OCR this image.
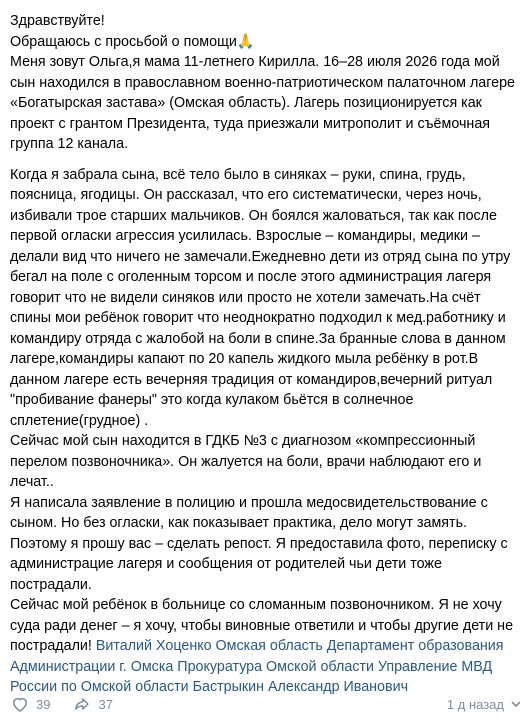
Здравствуйте!

Обращаюсь с просьбой о помощи🙏

Меня зовут Ольга,я мама 11-летнего Кирилла. 16–28 июля 2026 года мой сын находился в православном военно-патриотическом палаточном лагере «Богатырская застава» (Омская область). Лагерь позиционируется как проект с грантом Президента, туда приезжали митрополит и съёмочная группа 12 канала.

Когда я забрала сына, всё тело было в синяках – руки, спина, грудь, поясница, ягодицы. Он рассказал, что его систематически, через ночь, избивали трое старших мальчиков. Он боялся жаловаться, так как после первой огласки агрессия усилилась. Взрослые – командиры, медики – делали вид что ничего не замечали.Ежедневно дети из отряд сына по утру бегал на поле с оголенным торсом и после этого администрация лагеря говорит что не видели синяков или просто не хотели замечать.На счёт спины мои ребёнок говорит что неоднократно подходил к мед.работнику и командиру отряда с жалобой на боли в спине.За бранные слова в данном лагере,командиры капают по 20 капель жидкого мыла ребёнку в рот.В данном лагере есть вечерняя традиция от командиров,вечерний ритуал "пробивание фанеры" это когда кулаком бьётся в солнечное сплетение(грудное) .

Сейчас мой сын находится в ГДКБ №3 с диагнозом «компрессионный перелом позвоночника». Он жалуется на боли, врачи наблюдают его и лечат..

Я написала заявление в полицию и прошла медосвидетельствование с сыном. Но без огласки, как показывает практика, дело могут замять.

Поэтому я прошу вас – сделать репост. Я предоставила фото, переписку с администрацие лагеря и сообщения от родителей чьи дети тоже пострадали.

Сейчас мой ребёнок в больнице со сломанным позвоночником. Я не хочу суда ради денег – я хочу, чтобы виновные ответили и чтобы другие дети не пострадали! Виталий Хоценко Омская область Департамент образования Администрации г. Омска Прокуратура Омской области Управление МВД России по Омской области Бастрыкин Александр Иванович

39	37	1 д назад
